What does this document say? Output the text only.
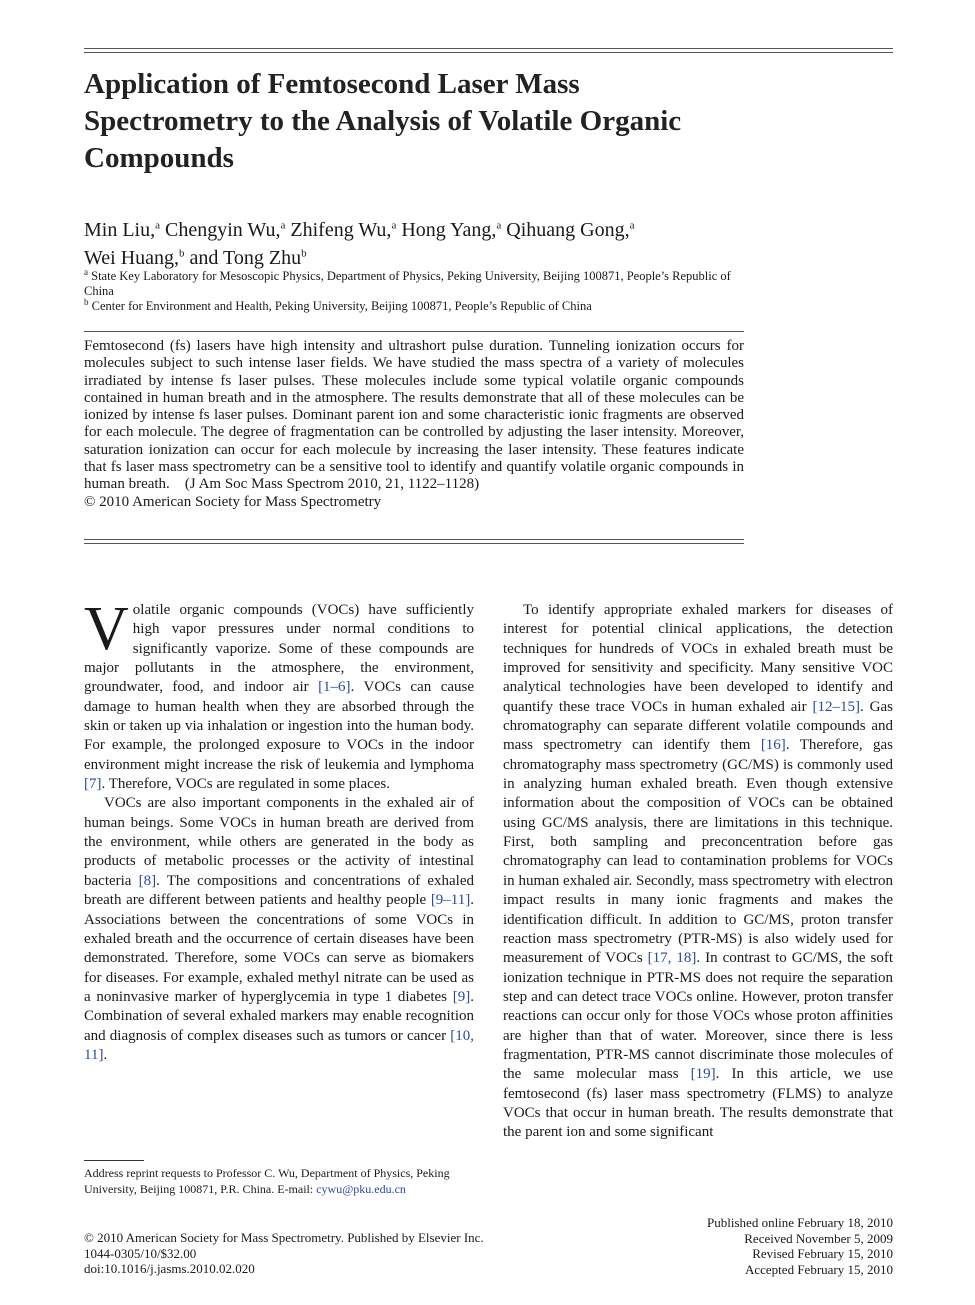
Application of Femtosecond Laser Mass Spectrometry to the Analysis of Volatile Organic Compounds
Min Liu,$^a$ Chengyin Wu,$^a$ Zhifeng Wu,$^a$ Hong Yang,$^a$ Qihuang Gong,$^a$
Wei Huang,$^b$ and Tong Zhu$^b$
$^a$ State Key Laboratory for Mesoscopic Physics, Department of Physics, Peking University, Beijing 100871, People’s Republic of China
$^b$ Center for Environment and Health, Peking University, Beijing 100871, People’s Republic of China
Femtosecond (fs) lasers have high intensity and ultrashort pulse duration. Tunneling ionization occurs for molecules subject to such intense laser fields. We have studied the mass spectra of a variety of molecules irradiated by intense fs laser pulses. These molecules include some typical volatile organic compounds contained in human breath and in the atmosphere. The results demonstrate that all of these molecules can be ionized by intense fs laser pulses. Dominant parent ion and some characteristic ionic fragments are observed for each molecule. The degree of fragmentation can be controlled by adjusting the laser intensity. Moreover, saturation ionization can occur for each molecule by increasing the laser intensity. These features indicate that fs laser mass spectrometry can be a sensitive tool to identify and quantify volatile organic compounds in human breath. (J Am Soc Mass Spectrom 2010, 21, 1122–1128)
© 2010 American Society for Mass Spectrometry

Volatile organic compounds (VOCs) have sufficiently high vapor pressures under normal conditions to significantly vaporize. Some of these compounds are major pollutants in the atmosphere, the environment, groundwater, food, and indoor air [1–6]. VOCs can cause damage to human health when they are absorbed through the skin or taken up via inhalation or ingestion into the human body. For example, the prolonged exposure to VOCs in the indoor environment might increase the risk of leukemia and lymphoma [7]. Therefore, VOCs are regulated in some places.

VOCs are also important components in the exhaled air of human beings. Some VOCs in human breath are derived from the environment, while others are generated in the body as products of metabolic processes or the activity of intestinal bacteria [8]. The compositions and concentrations of exhaled breath are different between patients and healthy people [9–11]. Associations between the concentrations of some VOCs in exhaled breath and the occurrence of certain diseases have been demonstrated. Therefore, some VOCs can serve as biomakers for diseases. For example, exhaled methyl nitrate can be used as a noninvasive marker of hyperglycemia in type 1 diabetes [9]. Combination of several exhaled markers may enable recognition and diagnosis of complex diseases such as tumors or cancer [10, 11].

To identify appropriate exhaled markers for diseases of interest for potential clinical applications, the detection techniques for hundreds of VOCs in exhaled breath must be improved for sensitivity and specificity. Many sensitive VOC analytical technologies have been developed to identify and quantify these trace VOCs in human exhaled air [12–15]. Gas chromatography can separate different volatile compounds and mass spectrometry can identify them [16]. Therefore, gas chromatography mass spectrometry (GC/MS) is commonly used in analyzing human exhaled breath. Even though extensive information about the composition of VOCs can be obtained using GC/MS analysis, there are limitations in this technique. First, both sampling and preconcentration before gas chromatography can lead to contamination problems for VOCs in human exhaled air. Secondly, mass spectrometry with electron impact results in many ionic fragments and makes the identification difficult. In addition to GC/MS, proton transfer reaction mass spectrometry (PTR-MS) is also widely used for measurement of VOCs [17, 18]. In contrast to GC/MS, the soft ionization technique in PTR-MS does not require the separation step and can detect trace VOCs online. However, proton transfer reactions can occur only for those VOCs whose proton affinities are higher than that of water. Moreover, since there is less fragmentation, PTR-MS cannot discriminate those molecules of the same molecular mass [19]. In this article, we use femtosecond (fs) laser mass spectrometry (FLMS) to analyze VOCs that occur in human breath. The results demonstrate that the parent ion and some significant

Address reprint requests to Professor C. Wu, Department of Physics, Peking University, Beijing 100871, P.R. China. E-mail: cywu@pku.edu.cn
© 2010 American Society for Mass Spectrometry. Published by Elsevier Inc.
1044-0305/10/$32.00
doi:10.1016/j.jasms.2010.02.020
Published online February 18, 2010
Received November 5, 2009
Revised February 15, 2010
Accepted February 15, 2010
